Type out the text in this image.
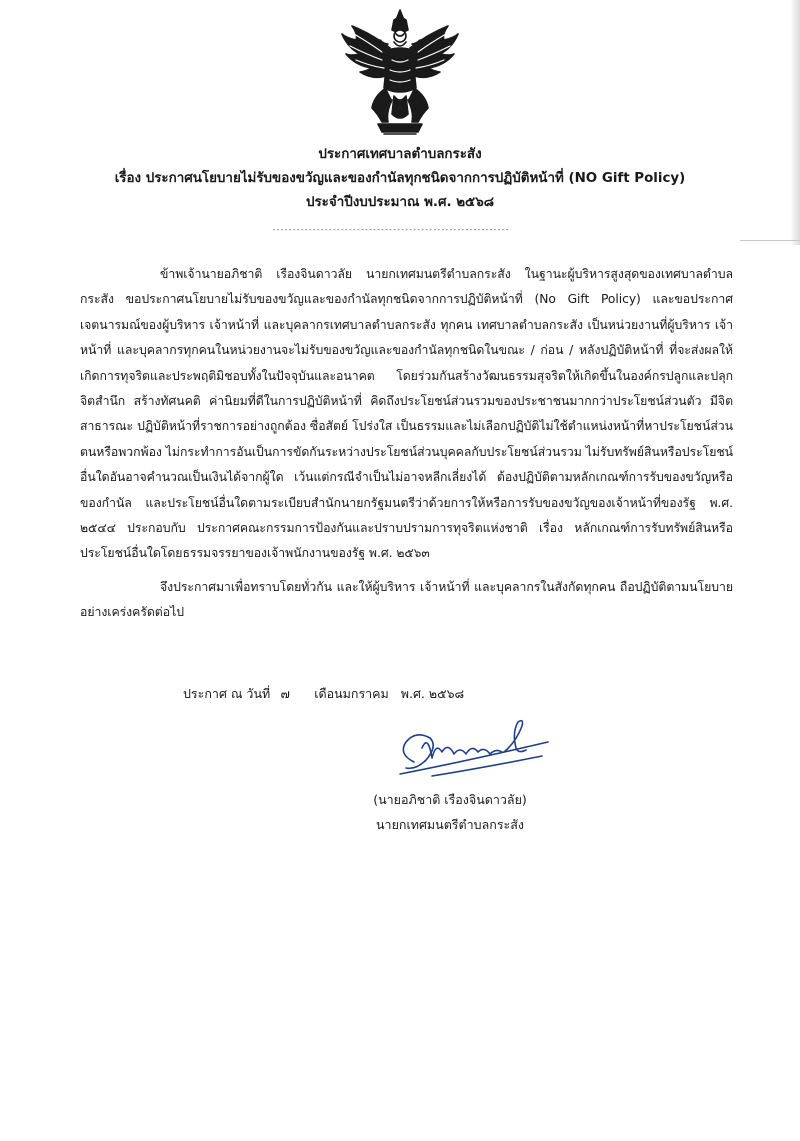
ประกาศเทศบาลตำบลกระสัง
เรื่อง ประกาศนโยบายไม่รับของขวัญและของกำนัลทุกชนิดจากการปฏิบัติหน้าที่ (NO Gift Policy)
ประจำปีงบประมาณ พ.ศ. ๒๕๖๘
-----------------------------------------------------------

ข้าพเจ้านายอภิชาติ เรืองจินดาวลัย นายกเทศมนตรีตำบลกระสัง ในฐานะผู้บริหารสูงสุดของเทศบาลตำบลกระสัง ขอประกาศนโยบายไม่รับของขวัญและของกำนัลทุกชนิดจากการปฏิบัติหน้าที่ (No Gift Policy) และขอประกาศเจตนารมณ์ของผู้บริหาร เจ้าหน้าที่ และบุคลากรเทศบาลตำบลกระสัง ทุกคน เทศบาลตำบลกระสัง เป็นหน่วยงานที่ผู้บริหาร เจ้าหน้าที่ และบุคลากรทุกคนในหน่วยงานจะไม่รับของขวัญและของกำนัลทุกชนิดในขณะ / ก่อน / หลังปฏิบัติหน้าที่ ที่จะส่งผลให้เกิดการทุจริตและประพฤติมิชอบทั้งในปัจจุบันและอนาคต โดยร่วมกันสร้างวัฒนธรรมสุจริตให้เกิดขึ้นในองค์กรปลูกและปลุกจิตสำนึก สร้างทัศนคติ ค่านิยมที่ดีในการปฏิบัติหน้าที่ คิดถึงประโยชน์ส่วนรวมของประชาชนมากกว่าประโยชน์ส่วนตัว มีจิตสาธารณะ ปฏิบัติหน้าที่ราชการอย่างถูกต้อง ซื่อสัตย์ โปร่งใส เป็นธรรมและไม่เลือกปฏิบัติไม่ใช้ตำแหน่งหน้าที่หาประโยชน์ส่วนตนหรือพวกพ้อง ไม่กระทำการอันเป็นการขัดกันระหว่างประโยชน์ส่วนบุคคลกับประโยชน์ส่วนรวม ไม่รับทรัพย์สินหรือประโยชน์อื่นใดอันอาจคำนวณเป็นเงินได้จากผู้ใด เว้นแต่กรณีจำเป็นไม่อาจหลีกเลี่ยงได้ ต้องปฏิบัติตามหลักเกณฑ์การรับของขวัญหรือของกำนัล และประโยชน์อื่นใดตามระเบียบสำนักนายกรัฐมนตรีว่าด้วยการให้หรือการรับของขวัญของเจ้าหน้าที่ของรัฐ พ.ศ. ๒๕๔๔ ประกอบกับ ประกาศคณะกรรมการป้องกันและปราบปรามการทุจริตแห่งชาติ เรื่อง หลักเกณฑ์การรับทรัพย์สินหรือประโยชน์อื่นใดโดยธรรมจรรยาของเจ้าพนักงานของรัฐ พ.ศ. ๒๕๖๓

จึงประกาศมาเพื่อทราบโดยทั่วกัน และให้ผู้บริหาร เจ้าหน้าที่ และบุคลากรในสังกัดทุกคน ถือปฏิบัติตามนโยบายอย่างเคร่งครัดต่อไป

ประกาศ ณ วันที่ ๗ เดือนมกราคม พ.ศ. ๒๕๖๘
(นายอภิชาติ เรืองจินดาวลัย)
นายกเทศมนตรีตำบลกระสัง
